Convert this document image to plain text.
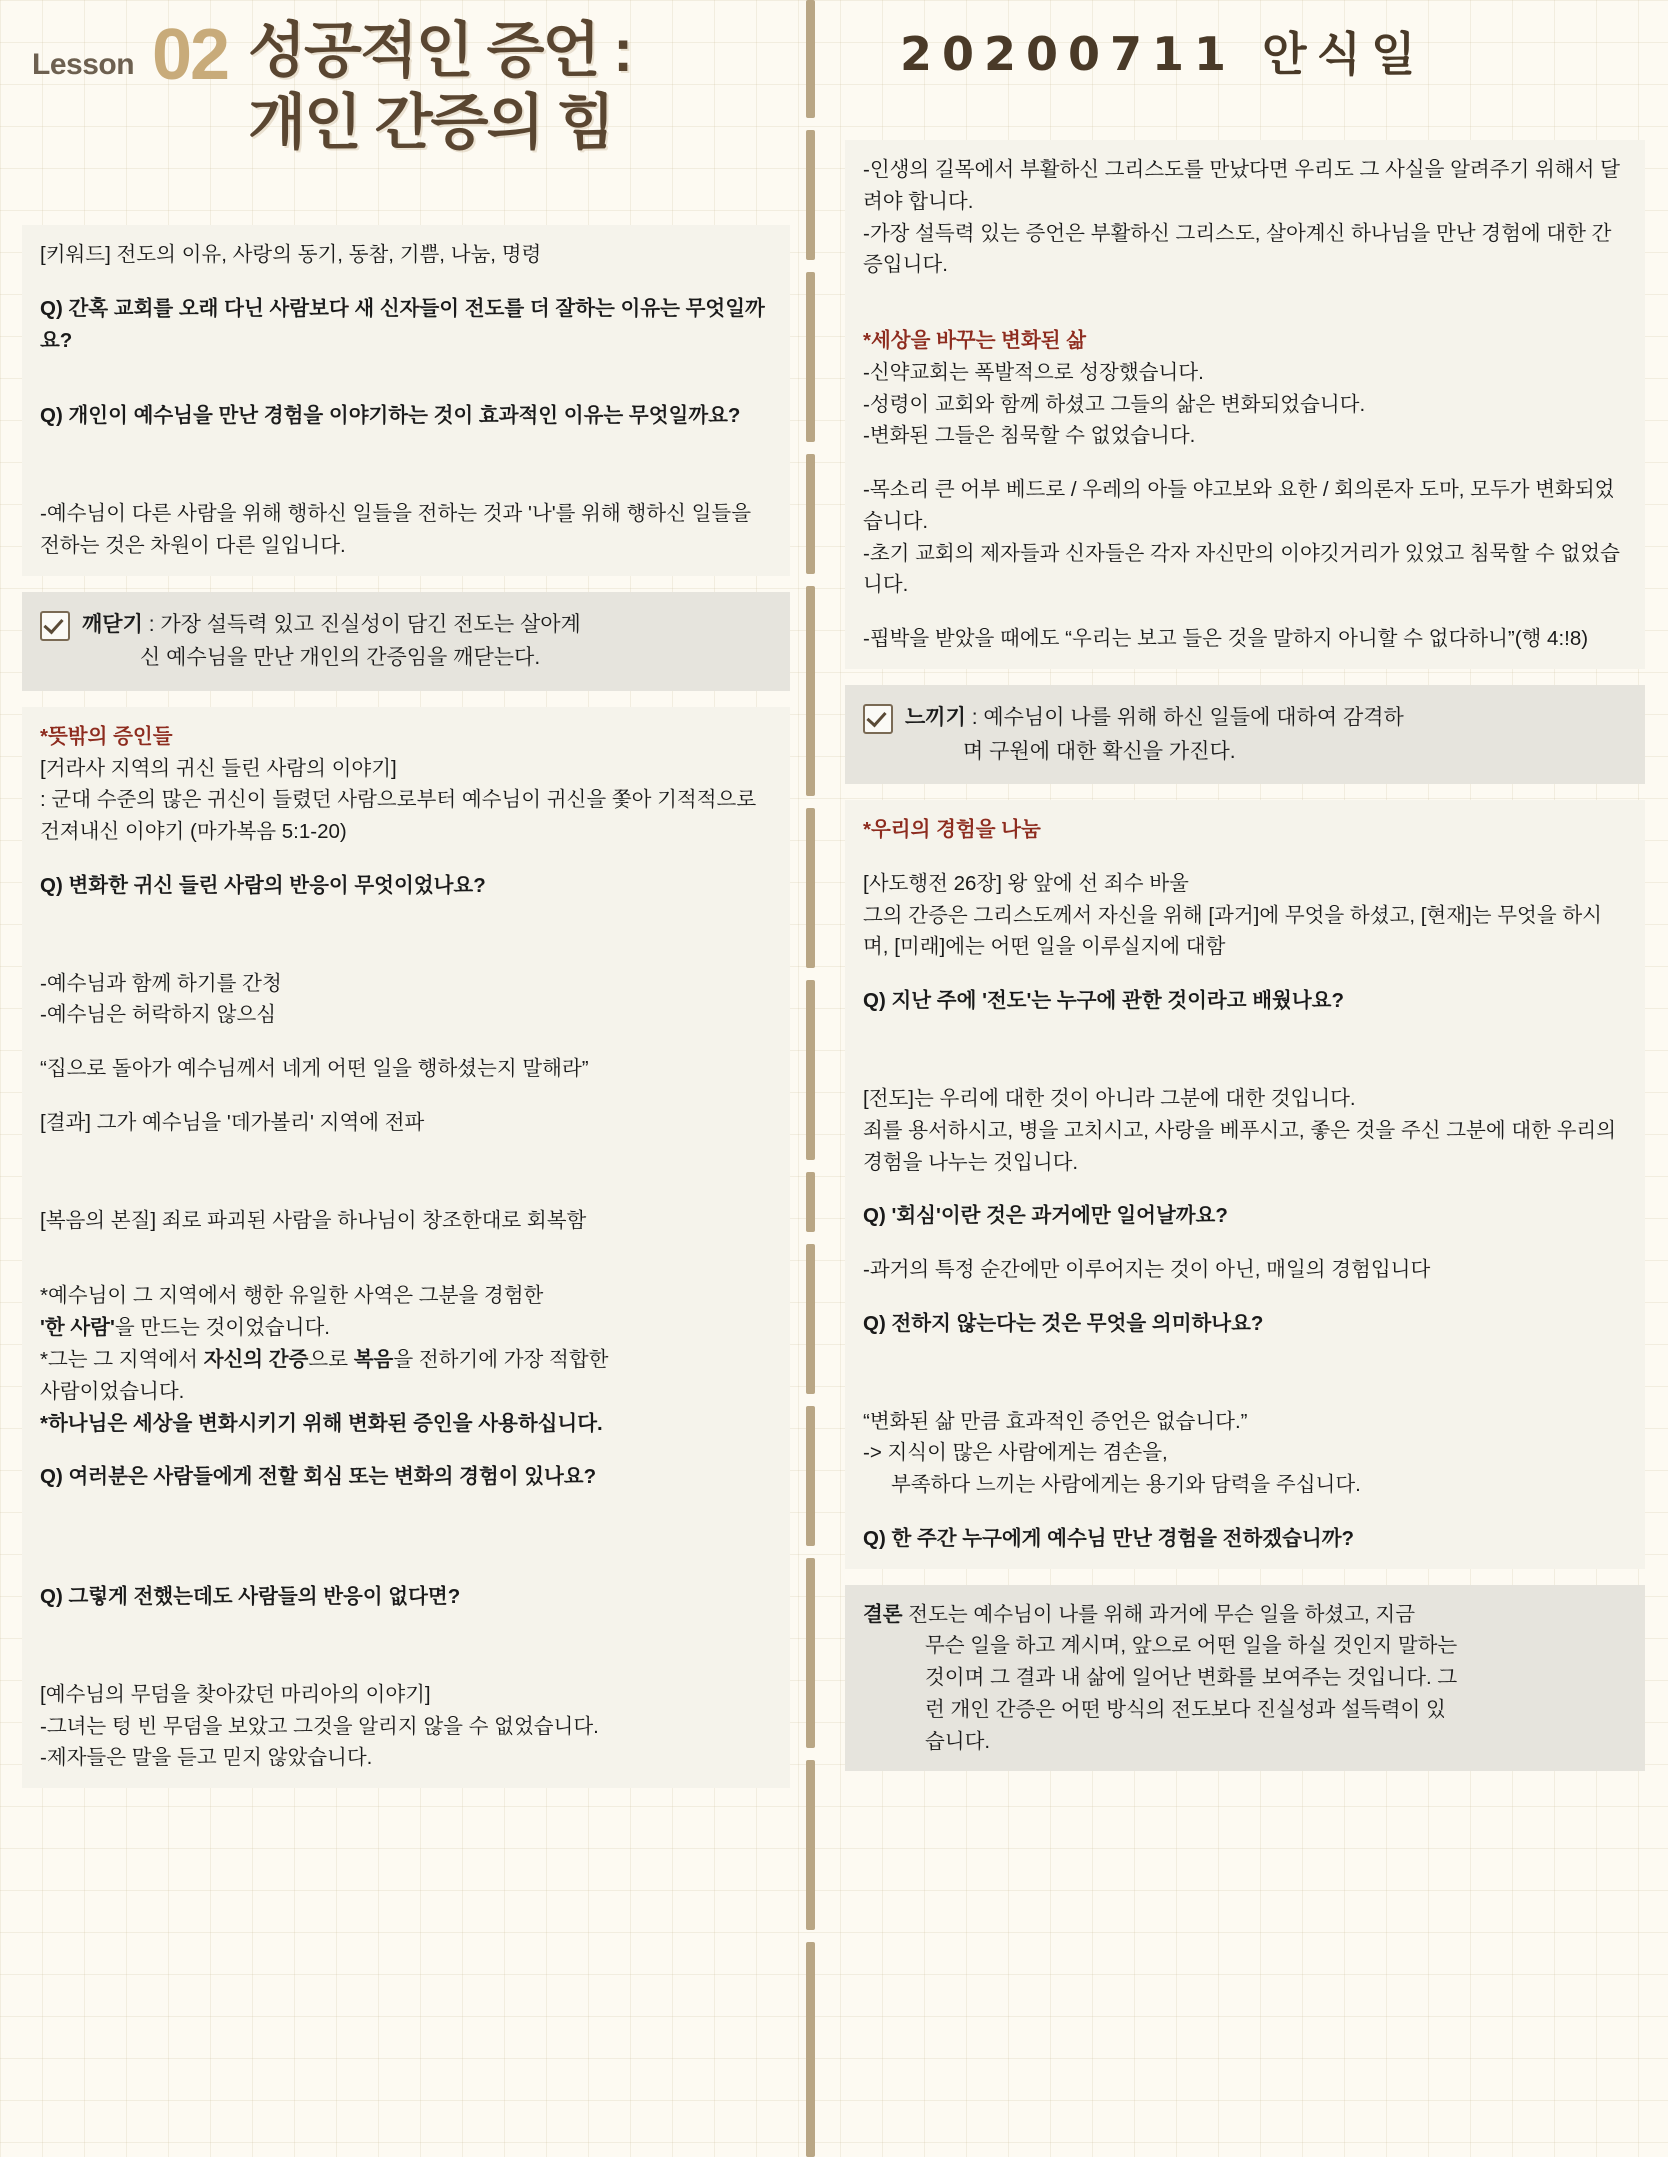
Lesson 02 성공적인 증언 :
개인 간증의 힘
20200711 안식일

[키워드] 전도의 이유, 사랑의 동기, 동참, 기쁨, 나눔, 명령

Q) 간혹 교회를 오래 다닌 사람보다 새 신자들이 전도를 더 잘하는 이유는 무엇일까요?

Q) 개인이 예수님을 만난 경험을 이야기하는 것이 효과적인 이유는 무엇일까요?

-예수님이 다른 사람을 위해 행하신 일들을 전하는 것과 '나'를 위해 행하신 일들을 전하는 것은 차원이 다른 일입니다.

깨닫기 : 가장 설득력 있고 진실성이 담긴 전도는 살아계
신 예수님을 만난 개인의 간증임을 깨닫는다.

*뜻밖의 증인들

[거라사 지역의 귀신 들린 사람의 이야기]

: 군대 수준의 많은 귀신이 들렸던 사람으로부터 예수님이 귀신을 쫓아 기적적으로 건져내신 이야기 (마가복음 5:1-20)

Q) 변화한 귀신 들린 사람의 반응이 무엇이었나요?

-예수님과 함께 하기를 간청

-예수님은 허락하지 않으심

“집으로 돌아가 예수님께서 네게 어떤 일을 행하셨는지 말해라”

[결과] 그가 예수님을 '데가볼리' 지역에 전파

[복음의 본질] 죄로 파괴된 사람을 하나님이 창조한대로 회복함

*예수님이 그 지역에서 행한 유일한 사역은 그분을 경험한

'한 사람'을 만드는 것이었습니다.

*그는 그 지역에서 자신의 간증으로 복음을 전하기에 가장 적합한

사람이었습니다.

*하나님은 세상을 변화시키기 위해 변화된 증인을 사용하십니다.

Q) 여러분은 사람들에게 전할 회심 또는 변화의 경험이 있나요?

Q) 그렇게 전했는데도 사람들의 반응이 없다면?

[예수님의 무덤을 찾아갔던 마리아의 이야기]

-그녀는 텅 빈 무덤을 보았고 그것을 알리지 않을 수 없었습니다.

-제자들은 말을 듣고 믿지 않았습니다.

-인생의 길목에서 부활하신 그리스도를 만났다면 우리도 그 사실을 알려주기 위해서 달려야 합니다.

-가장 설득력 있는 증언은 부활하신 그리스도, 살아계신 하나님을 만난 경험에 대한 간증입니다.

*세상을 바꾸는 변화된 삶

-신약교회는 폭발적으로 성장했습니다.

-성령이 교회와 함께 하셨고 그들의 삶은 변화되었습니다.

-변화된 그들은 침묵할 수 없었습니다.

-목소리 큰 어부 베드로 / 우레의 아들 야고보와 요한 / 회의론자 도마, 모두가 변화되었습니다.

-초기 교회의 제자들과 신자들은 각자 자신만의 이야깃거리가 있었고 침묵할 수 없었습니다.

-핍박을 받았을 때에도 “우리는 보고 들은 것을 말하지 아니할 수 없다하니”(행 4:!8)

느끼기 : 예수님이 나를 위해 하신 일들에 대하여 감격하
며 구원에 대한 확신을 가진다.

*우리의 경험을 나눔

[사도행전 26장] 왕 앞에 선 죄수 바울

그의 간증은 그리스도께서 자신을 위해 [과거]에 무엇을 하셨고, [현재]는 무엇을 하시며, [미래]에는 어떤 일을 이루실지에 대함

Q) 지난 주에 '전도'는 누구에 관한 것이라고 배웠나요?

[전도]는 우리에 대한 것이 아니라 그분에 대한 것입니다.

죄를 용서하시고, 병을 고치시고, 사랑을 베푸시고, 좋은 것을 주신 그분에 대한 우리의 경험을 나누는 것입니다.

Q) '회심'이란 것은 과거에만 일어날까요?

-과거의 특정 순간에만 이루어지는 것이 아닌, 매일의 경험입니다

Q) 전하지 않는다는 것은 무엇을 의미하나요?

“변화된 삶 만큼 효과적인 증언은 없습니다.”

-> 지식이 많은 사람에게는 겸손을,

부족하다 느끼는 사람에게는 용기와 담력을 주십니다.

Q) 한 주간 누구에게 예수님 만난 경험을 전하겠습니까?

결론 전도는 예수님이 나를 위해 과거에 무슨 일을 하셨고, 지금

무슨 일을 하고 계시며, 앞으로 어떤 일을 하실 것인지 말하는

것이며 그 결과 내 삶에 일어난 변화를 보여주는 것입니다. 그

런 개인 간증은 어떤 방식의 전도보다 진실성과 설득력이 있

습니다.
